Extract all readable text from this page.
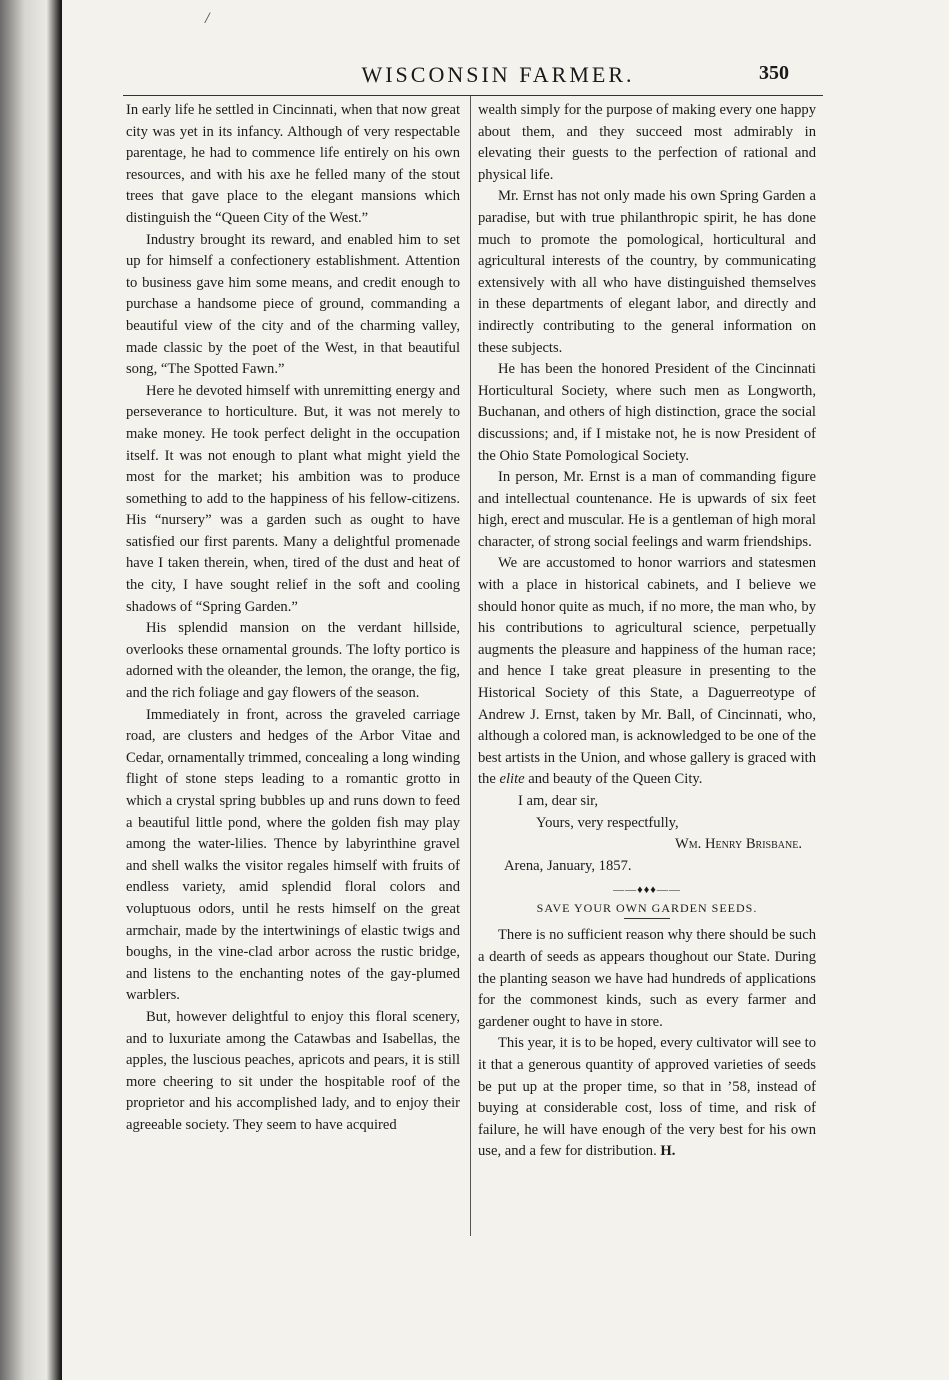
/
WISCONSIN FARMER.	350

In early life he settled in Cincinnati, when that now great city was yet in its infancy. Although of very respectable parentage, he had to commence life entirely on his own resources, and with his axe he felled many of the stout trees that gave place to the elegant mansions which distinguish the “Queen City of the West.”

Industry brought its reward, and enabled him to set up for himself a confectionery establishment. Attention to business gave him some means, and credit enough to purchase a handsome piece of ground, commanding a beautiful view of the city and of the charming valley, made classic by the poet of the West, in that beautiful song, “The Spotted Fawn.”

Here he devoted himself with unremitting energy and perseverance to horticulture. But, it was not merely to make money. He took perfect delight in the occupation itself. It was not enough to plant what might yield the most for the market; his ambition was to produce something to add to the happiness of his fellow-citizens. His “nursery” was a garden such as ought to have satisfied our first parents. Many a delightful promenade have I taken therein, when, tired of the dust and heat of the city, I have sought relief in the soft and cooling shadows of “Spring Garden.”

His splendid mansion on the verdant hillside, overlooks these ornamental grounds. The lofty portico is adorned with the oleander, the lemon, the orange, the fig, and the rich foliage and gay flowers of the season.

Immediately in front, across the graveled carriage road, are clusters and hedges of the Arbor Vitae and Cedar, ornamentally trimmed, concealing a long winding flight of stone steps leading to a romantic grotto in which a crystal spring bubbles up and runs down to feed a beautiful little pond, where the golden fish may play among the water-lilies. Thence by labyrinthine gravel and shell walks the visitor regales himself with fruits of endless variety, amid splendid floral colors and voluptuous odors, until he rests himself on the great armchair, made by the intertwinings of elastic twigs and boughs, in the vine-clad arbor across the rustic bridge, and listens to the enchanting notes of the gay-plumed warblers.

But, however delightful to enjoy this floral scenery, and to luxuriate among the Catawbas and Isabellas, the apples, the luscious peaches, apricots and pears, it is still more cheering to sit under the hospitable roof of the proprietor and his accomplished lady, and to enjoy their agreeable society. They seem to have acquired

wealth simply for the purpose of making every one happy about them, and they succeed most admirably in elevating their guests to the perfection of rational and physical life.

Mr. Ernst has not only made his own Spring Garden a paradise, but with true philanthropic spirit, he has done much to promote the pomological, horticultural and agricultural interests of the country, by communicating extensively with all who have distinguished themselves in these departments of elegant labor, and directly and indirectly contributing to the general information on these subjects.

He has been the honored President of the Cincinnati Horticultural Society, where such men as Longworth, Buchanan, and others of high distinction, grace the social discussions; and, if I mistake not, he is now President of the Ohio State Pomological Society.

In person, Mr. Ernst is a man of commanding figure and intellectual countenance. He is upwards of six feet high, erect and muscular. He is a gentleman of high moral character, of strong social feelings and warm friendships.

We are accustomed to honor warriors and statesmen with a place in historical cabinets, and I believe we should honor quite as much, if no more, the man who, by his contributions to agricultural science, perpetually augments the pleasure and happiness of the human race; and hence I take great pleasure in presenting to the Historical Society of this State, a Daguerreotype of Andrew J. Ernst, taken by Mr. Ball, of Cincinnati, who, although a colored man, is acknowledged to be one of the best artists in the Union, and whose gallery is graced with the elite and beauty of the Queen City.

I am, dear sir,
Yours, very respectfully,
Wm. Henry Brisbane.
Arena, January, 1857.
——♦♦♦——
SAVE YOUR OWN GARDEN SEEDS.

There is no sufficient reason why there should be such a dearth of seeds as appears thoughout our State. During the planting season we have had hundreds of applications for the commonest kinds, such as every farmer and gardener ought to have in store.

This year, it is to be hoped, every cultivator will see to it that a generous quantity of approved varieties of seeds be put up at the proper time, so that in ’58, instead of buying at considerable cost, loss of time, and risk of failure, he will have enough of the very best for his own use, and a few for distribution. H.
